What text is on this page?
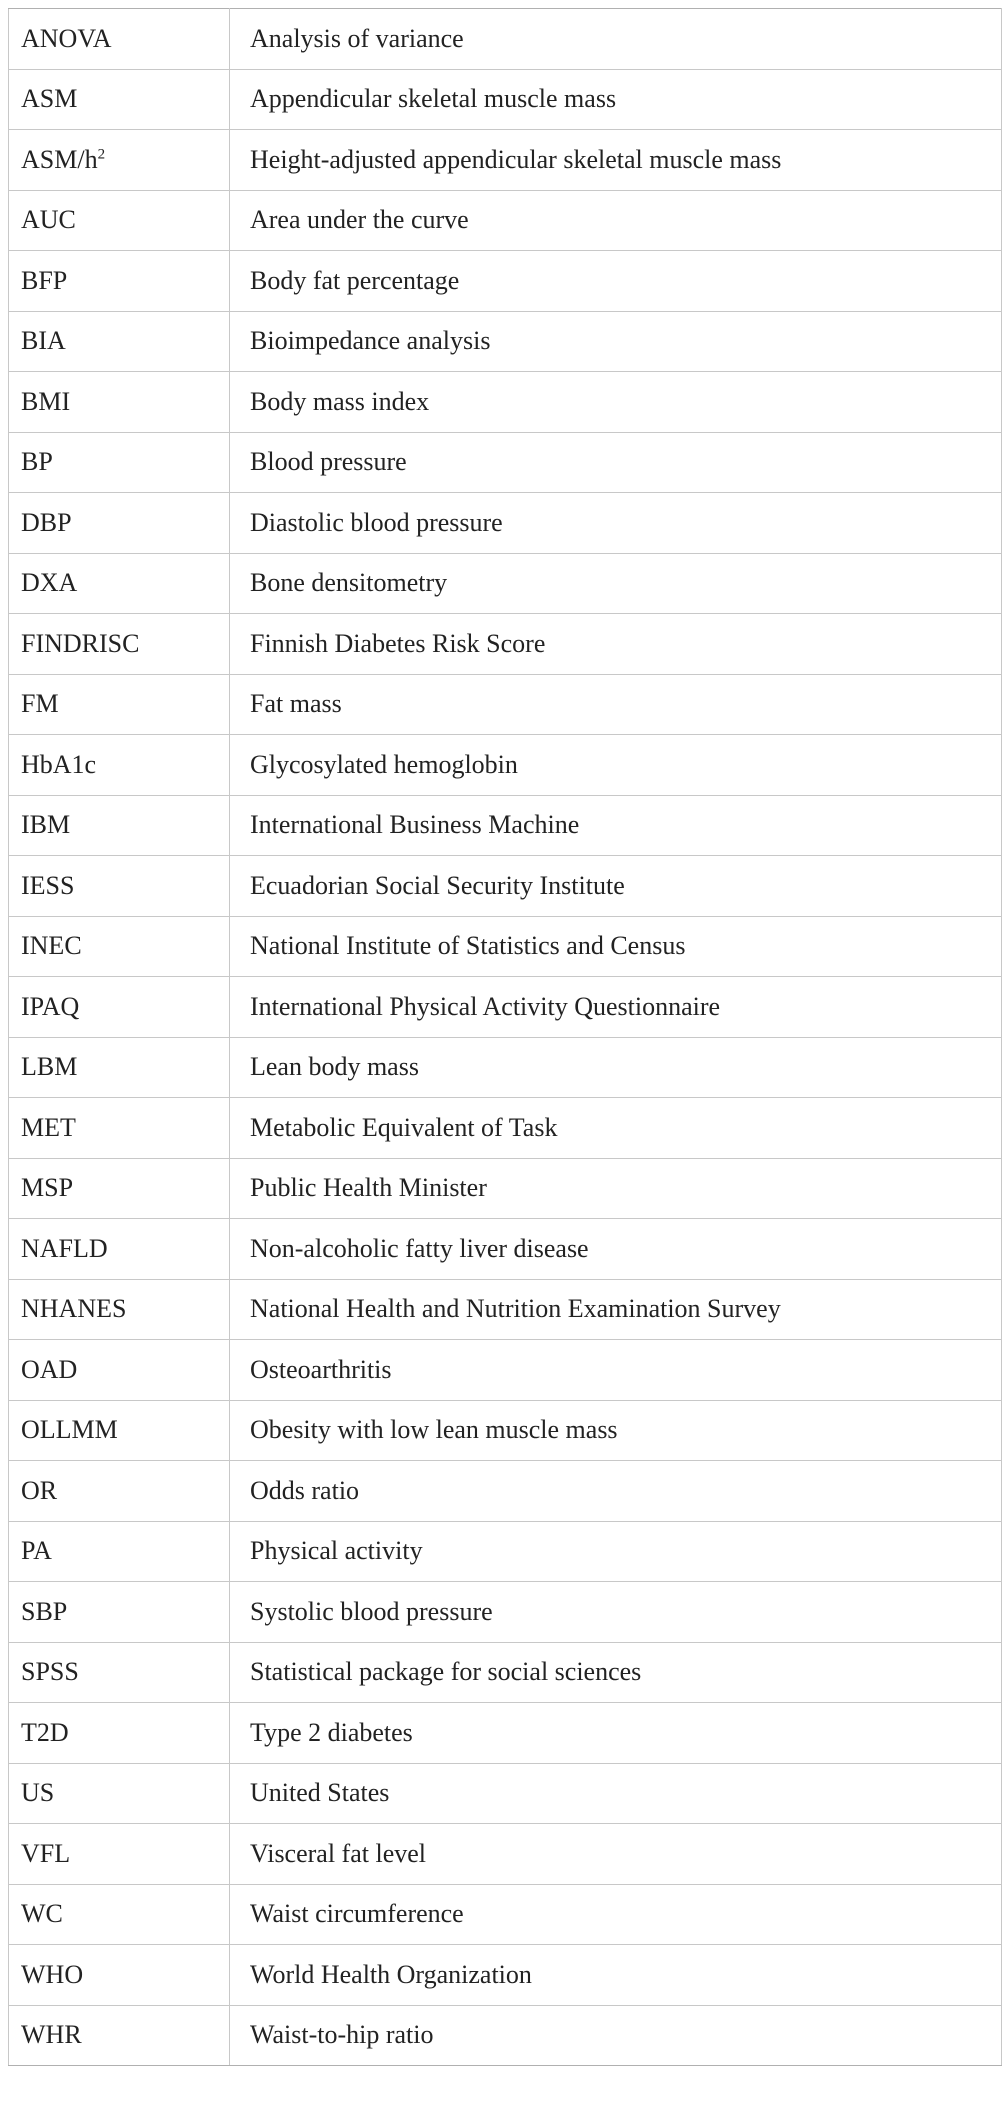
ANOVA	Analysis of variance
ASM	Appendicular skeletal muscle mass
ASM/$h^2$	Height-adjusted appendicular skeletal muscle mass
AUC	Area under the curve
BFP	Body fat percentage
BIA	Bioimpedance analysis
BMI	Body mass index
BP	Blood pressure
DBP	Diastolic blood pressure
DXA	Bone densitometry
FINDRISC	Finnish Diabetes Risk Score
FM	Fat mass
HbA1c	Glycosylated hemoglobin
IBM	International Business Machine
IESS	Ecuadorian Social Security Institute
INEC	National Institute of Statistics and Census
IPAQ	International Physical Activity Questionnaire
LBM	Lean body mass
MET	Metabolic Equivalent of Task
MSP	Public Health Minister
NAFLD	Non-alcoholic fatty liver disease
NHANES	National Health and Nutrition Examination Survey
OAD	Osteoarthritis
OLLMM	Obesity with low lean muscle mass
OR	Odds ratio
PA	Physical activity
SBP	Systolic blood pressure
SPSS	Statistical package for social sciences
T2D	Type 2 diabetes
US	United States
VFL	Visceral fat level
WC	Waist circumference
WHO	World Health Organization
WHR	Waist-to-hip ratio
